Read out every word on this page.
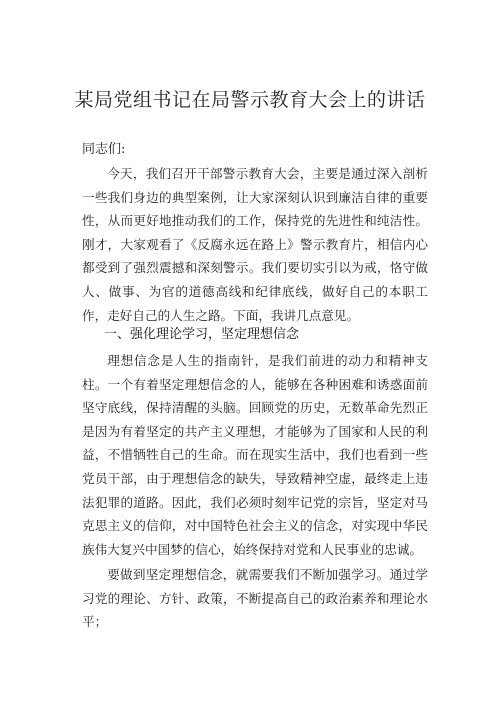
某局党组书记在局警示教育大会上的讲话
同志们:
今天，我们召开干部警示教育大会，主要是通过深入剖析一些我们身边的典型案例，让大家深刻认识到廉洁自律的重要性，从而更好地推动我们的工作，保持党的先进性和纯洁性。刚才，大家观看了《反腐永远在路上》警示教育片，相信内心都受到了强烈震撼和深刻警示。我们要切实引以为戒，恪守做人、做事、为官的道德高线和纪律底线，做好自己的本职工作，走好自己的人生之路。下面，我讲几点意见。
一、强化理论学习，坚定理想信念
理想信念是人生的指南针，是我们前进的动力和精神支柱。一个有着坚定理想信念的人，能够在各种困难和诱惑面前坚守底线，保持清醒的头脑。回顾党的历史，无数革命先烈正是因为有着坚定的共产主义理想，才能够为了国家和人民的利益，不惜牺牲自己的生命。而在现实生活中，我们也看到一些党员干部，由于理想信念的缺失，导致精神空虚，最终走上违法犯罪的道路。因此，我们必须时刻牢记党的宗旨，坚定对马克思主义的信仰，对中国特色社会主义的信念，对实现中华民族伟大复兴中国梦的信心，始终保持对党和人民事业的忠诚。
要做到坚定理想信念，就需要我们不断加强学习。通过学习党的理论、方针、政策，不断提高自己的政治素养和理论水平；
